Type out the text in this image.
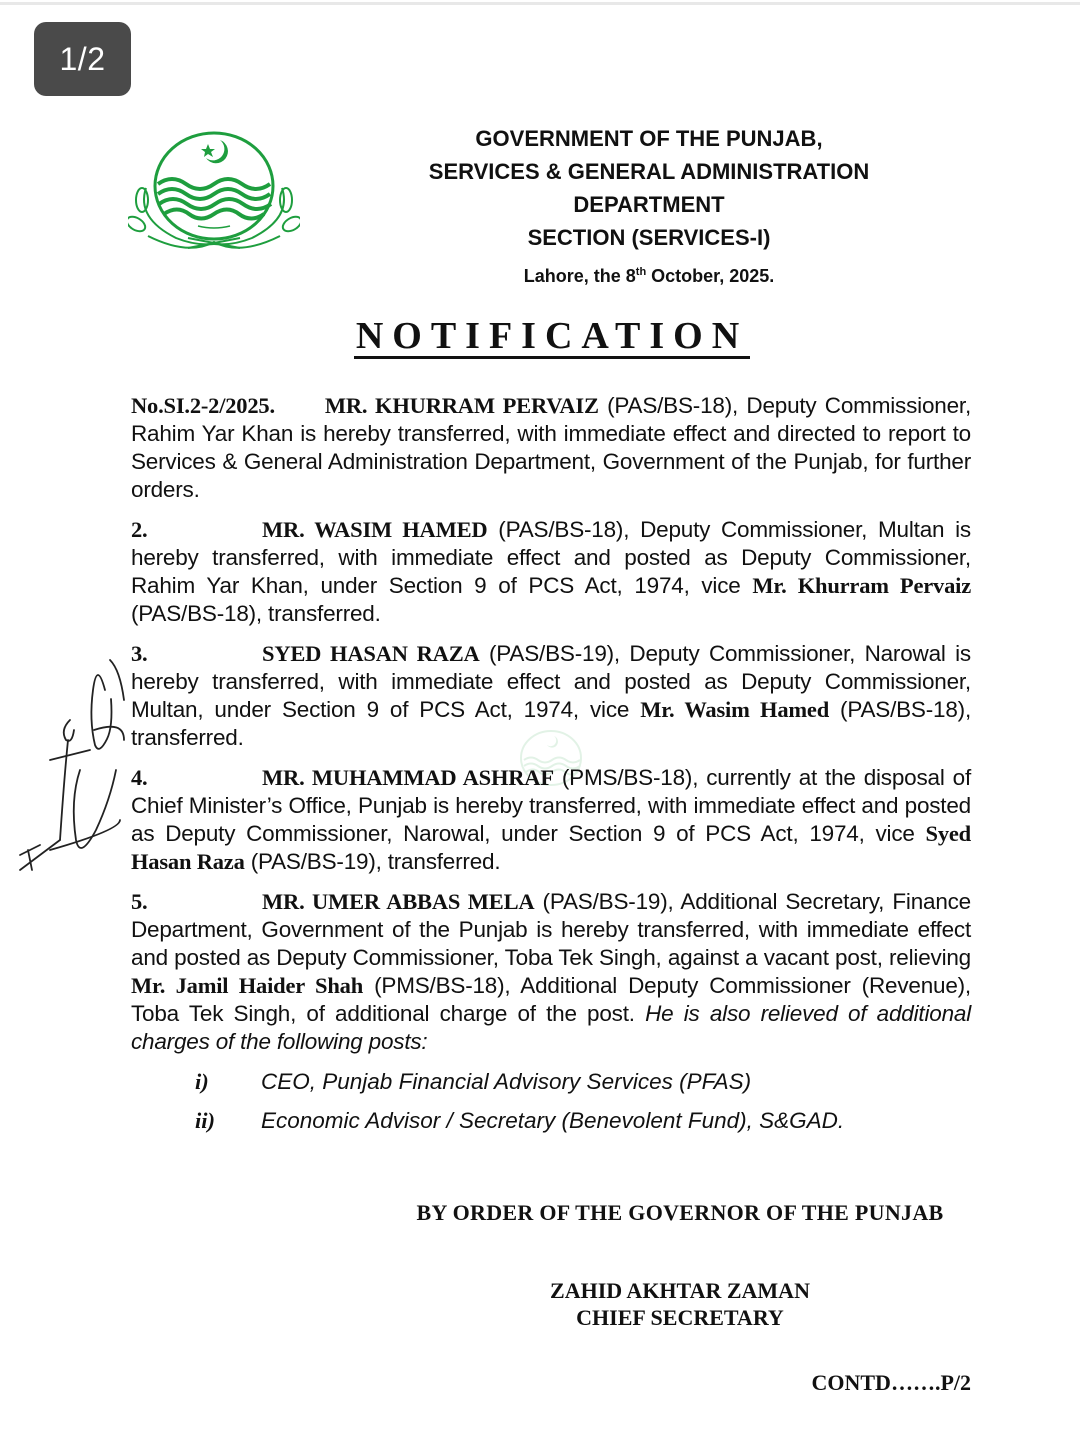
1/2
GOVERNMENT OF THE PUNJAB,
SERVICES & GENERAL ADMINISTRATION
DEPARTMENT
SECTION (SERVICES-I)
Lahore, the 8th October, 2025.
NOTIFICATION

No.SI.2-2/2025. MR. KHURRAM PERVAIZ (PAS/BS-18), Deputy Commissioner, Rahim Yar Khan is hereby transferred, with immediate effect and directed to report to Services & General Administration Department, Government of the Punjab, for further orders.

2.	MR. WASIM HAMED (PAS/BS-18), Deputy Commissioner, Multan is hereby transferred, with immediate effect and posted as Deputy Commissioner, Rahim Yar Khan, under Section 9 of PCS Act, 1974, vice Mr. Khurram Pervaiz (PAS/BS-18), transferred.

3.	SYED HASAN RAZA (PAS/BS-19), Deputy Commissioner, Narowal is hereby transferred, with immediate effect and posted as Deputy Commissioner, Multan, under Section 9 of PCS Act, 1974, vice Mr. Wasim Hamed (PAS/BS-18), transferred.

4.	MR. MUHAMMAD ASHRAF (PMS/BS-18), currently at the disposal of Chief Minister’s Office, Punjab is hereby transferred, with immediate effect and posted as Deputy Commissioner, Narowal, under Section 9 of PCS Act, 1974, vice Syed Hasan Raza (PAS/BS-19), transferred.

5.	MR. UMER ABBAS MELA (PAS/BS-19), Additional Secretary, Finance Department, Government of the Punjab is hereby transferred, with immediate effect and posted as Deputy Commissioner, Toba Tek Singh, against a vacant post, relieving Mr. Jamil Haider Shah (PMS/BS-18), Additional Deputy Commissioner (Revenue), Toba Tek Singh, of additional charge of the post. He is also relieved of additional charges of the following posts:

i)	CEO, Punjab Financial Advisory Services (PFAS)
ii)	Economic Advisor / Secretary (Benevolent Fund), S&GAD.
BY ORDER OF THE GOVERNOR OF THE PUNJAB
ZAHID AKHTAR ZAMAN
CHIEF SECRETARY
CONTD…….P/2
